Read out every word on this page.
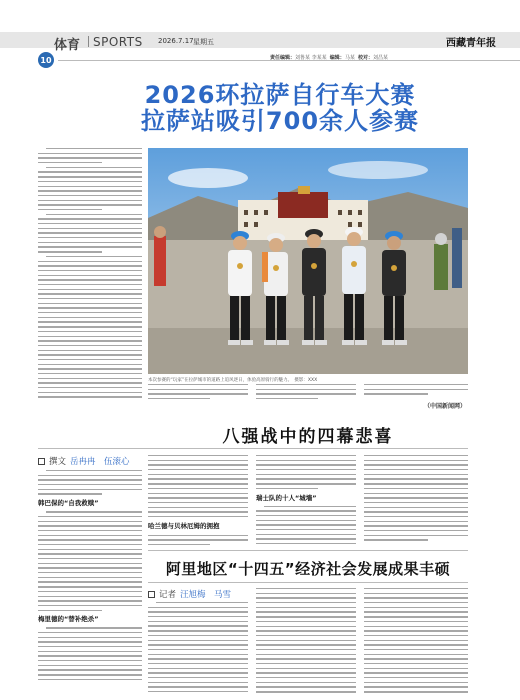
体育 SPORTS 2026.7.17 星期五	西藏青年报
10	责任编辑：刘鲁某 李某某 编辑：马某 校对：刘昌某
2026环拉萨自行车大赛
拉萨站吸引700余人参赛
本次参赛的“玩家”在拉萨城市的道路上追风逐日，体验高原骑行的魅力。　摄影：XXX
（中国新闻网）
八强战中的四幕悲喜
撰文 岳冉冉　伍滚心
韩巴保的“自我救赎”
梅里德的“替补绝杀”
瑞士队的十人“城墙”
哈兰德与贝林厄姆的拥抱
阿里地区“十四五”经济社会发展成果丰硕
记者 汪旭梅　马雪
